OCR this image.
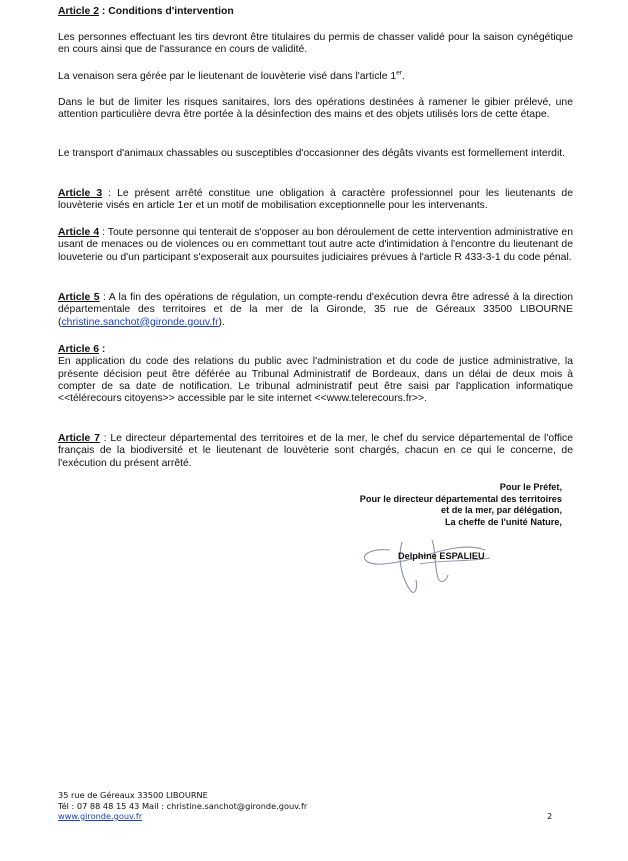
Article 2 : Conditions d'intervention

Les personnes effectuant les tirs devront être titulaires du permis de chasser validé pour la saison cynégétique en cours ainsi que de l'assurance en cours de validité.

La venaison sera gérée par le lieutenant de louvèterie visé dans l'article 1er.

Dans le but de limiter les risques sanitaires, lors des opérations destinées à ramener le gibier prélevé, une attention particulière devra être portée à la désinfection des mains et des objets utilisés lors de cette étape.

Le transport d'animaux chassables ou susceptibles d'occasionner des dégâts vivants est formellement interdit.

Article 3 : Le présent arrêté constitue une obligation à caractère professionnel pour les lieutenants de louvèterie visés en article 1er et un motif de mobilisation exceptionnelle pour les intervenants.

Article 4 : Toute personne qui tenterait de s'opposer au bon déroulement de cette intervention administrative en usant de menaces ou de violences ou en commettant tout autre acte d'intimidation à l'encontre du lieutenant de louveterie ou d'un participant s'exposerait aux poursuites judiciaires prévues à l'article R 433-3-1 du code pénal.

Article 5 : A la fin des opérations de régulation, un compte-rendu d'exécution devra être adressé à la direction départementale des territoires et de la mer de la Gironde, 35 rue de Géreaux 33500 LIBOURNE (christine.sanchot@gironde.gouv.fr).

Article 6 :

En application du code des relations du public avec l'administration et du code de justice administrative, la présente décision peut être déférée au Tribunal Administratif de Bordeaux, dans un délai de deux mois à compter de sa date de notification. Le tribunal administratif peut être saisi par l'application informatique <<télérecours citoyens>> accessible par le site internet <<www.telerecours.fr>>.

Article 7 : Le directeur départemental des territoires et de la mer, le chef du service départemental de l'office français de la biodiversité et le lieutenant de louvèterie sont chargés, chacun en ce qui le concerne, de l'exécution du présent arrêté.

Pour le Préfet,
Pour le directeur départemental des territoires
et de la mer, par délégation,
La cheffe de l'unité Nature,
Delphine ESPALIEU
35 rue de Géreaux 33500 LIBOURNE
Tél : 07 88 48 15 43 Mail : christine.sanchot@gironde.gouv.fr
www.gironde.gouv.fr	2
